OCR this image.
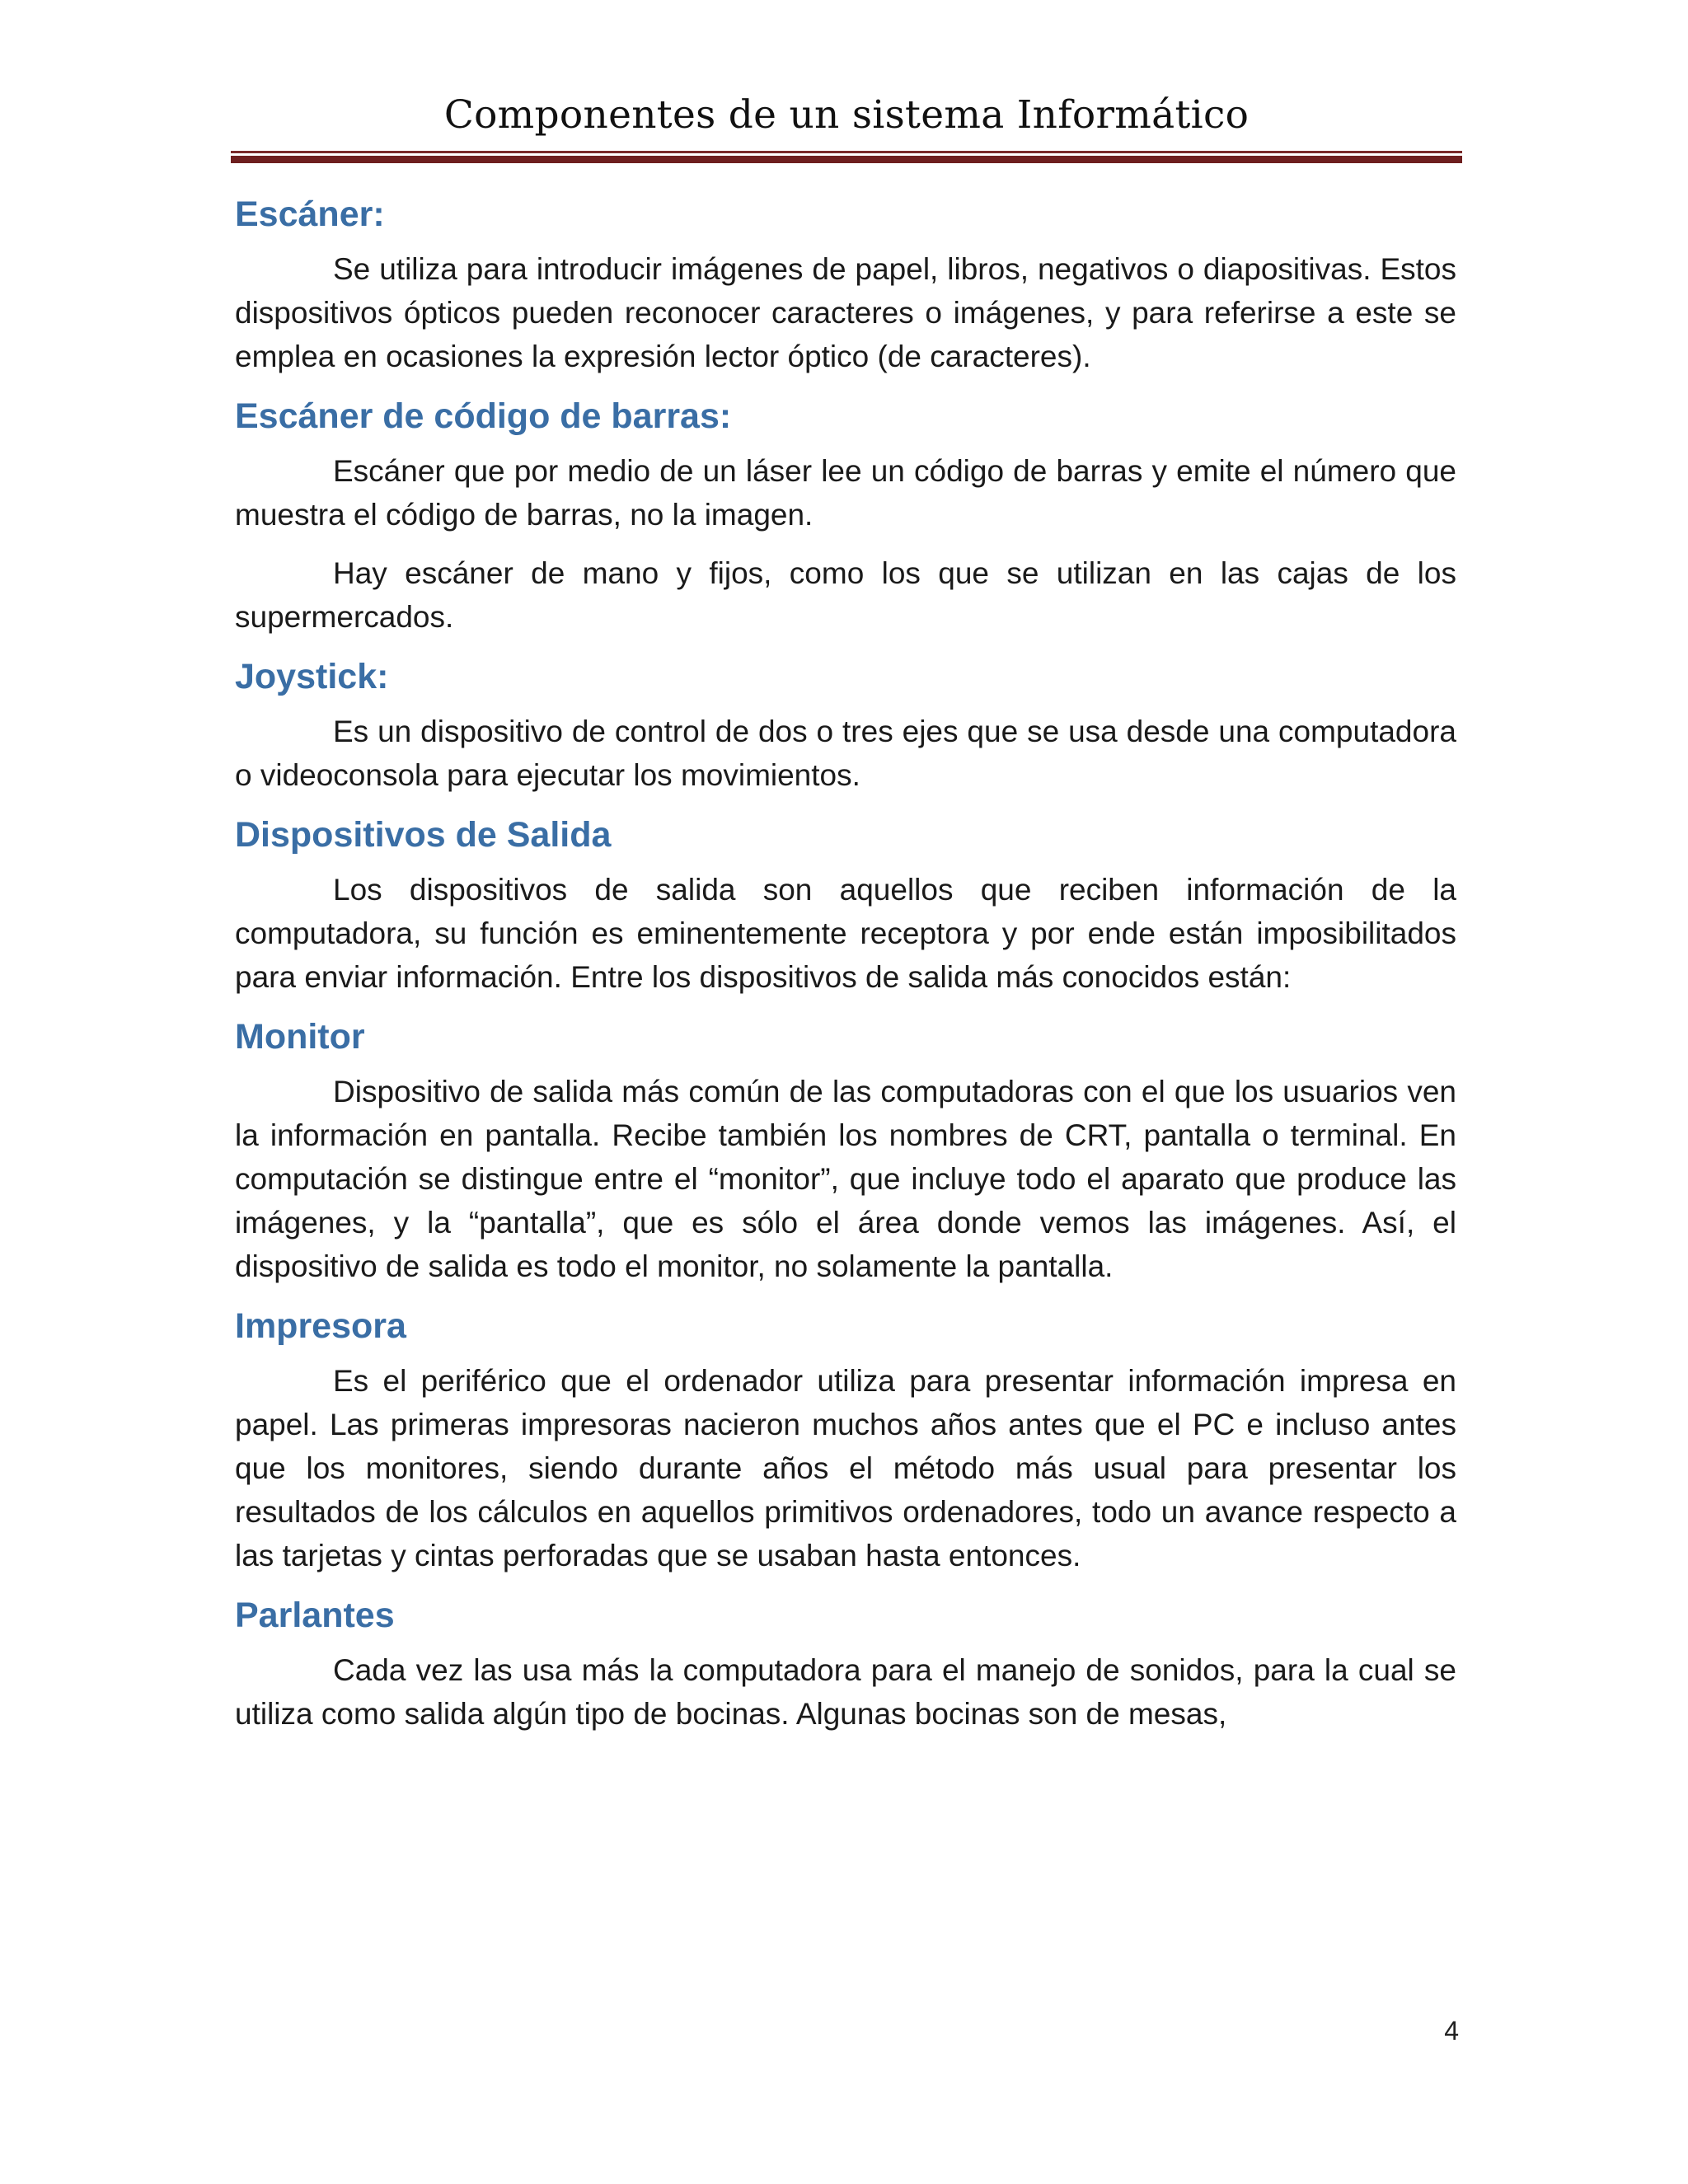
Componentes de un sistema Informático
Escáner:

Se utiliza para introducir imágenes de papel, libros, negativos o diapositivas. Estos dispositivos ópticos pueden reconocer caracteres o imágenes, y para referirse a este se emplea en ocasiones la expresión lector óptico (de caracteres).

Escáner de código de barras:

Escáner que por medio de un láser lee un código de barras y emite el número que muestra el código de barras, no la imagen.

Hay escáner de mano y fijos, como los que se utilizan en las cajas de los supermercados.

Joystick:

Es un dispositivo de control de dos o tres ejes que se usa desde una computadora o videoconsola para ejecutar los movimientos.

Dispositivos de Salida

Los dispositivos de salida son aquellos que reciben información de la computadora, su función es eminentemente receptora y por ende están imposibilitados para enviar información. Entre los dispositivos de salida más conocidos están:

Monitor

Dispositivo de salida más común de las computadoras con el que los usuarios ven la información en pantalla. Recibe también los nombres de CRT, pantalla o terminal. En computación se distingue entre el “monitor”, que incluye todo el aparato que produce las imágenes, y la “pantalla”, que es sólo el área donde vemos las imágenes. Así, el dispositivo de salida es todo el monitor, no solamente la pantalla.

Impresora

Es el periférico que el ordenador utiliza para presentar información impresa en papel. Las primeras impresoras nacieron muchos años antes que el PC e incluso antes que los monitores, siendo durante años el método más usual para presentar los resultados de los cálculos en aquellos primitivos ordenadores, todo un avance respecto a las tarjetas y cintas perforadas que se usaban hasta entonces.

Parlantes

Cada vez las usa más la computadora para el manejo de sonidos, para la cual se utiliza como salida algún tipo de bocinas. Algunas bocinas son de mesas,

4
